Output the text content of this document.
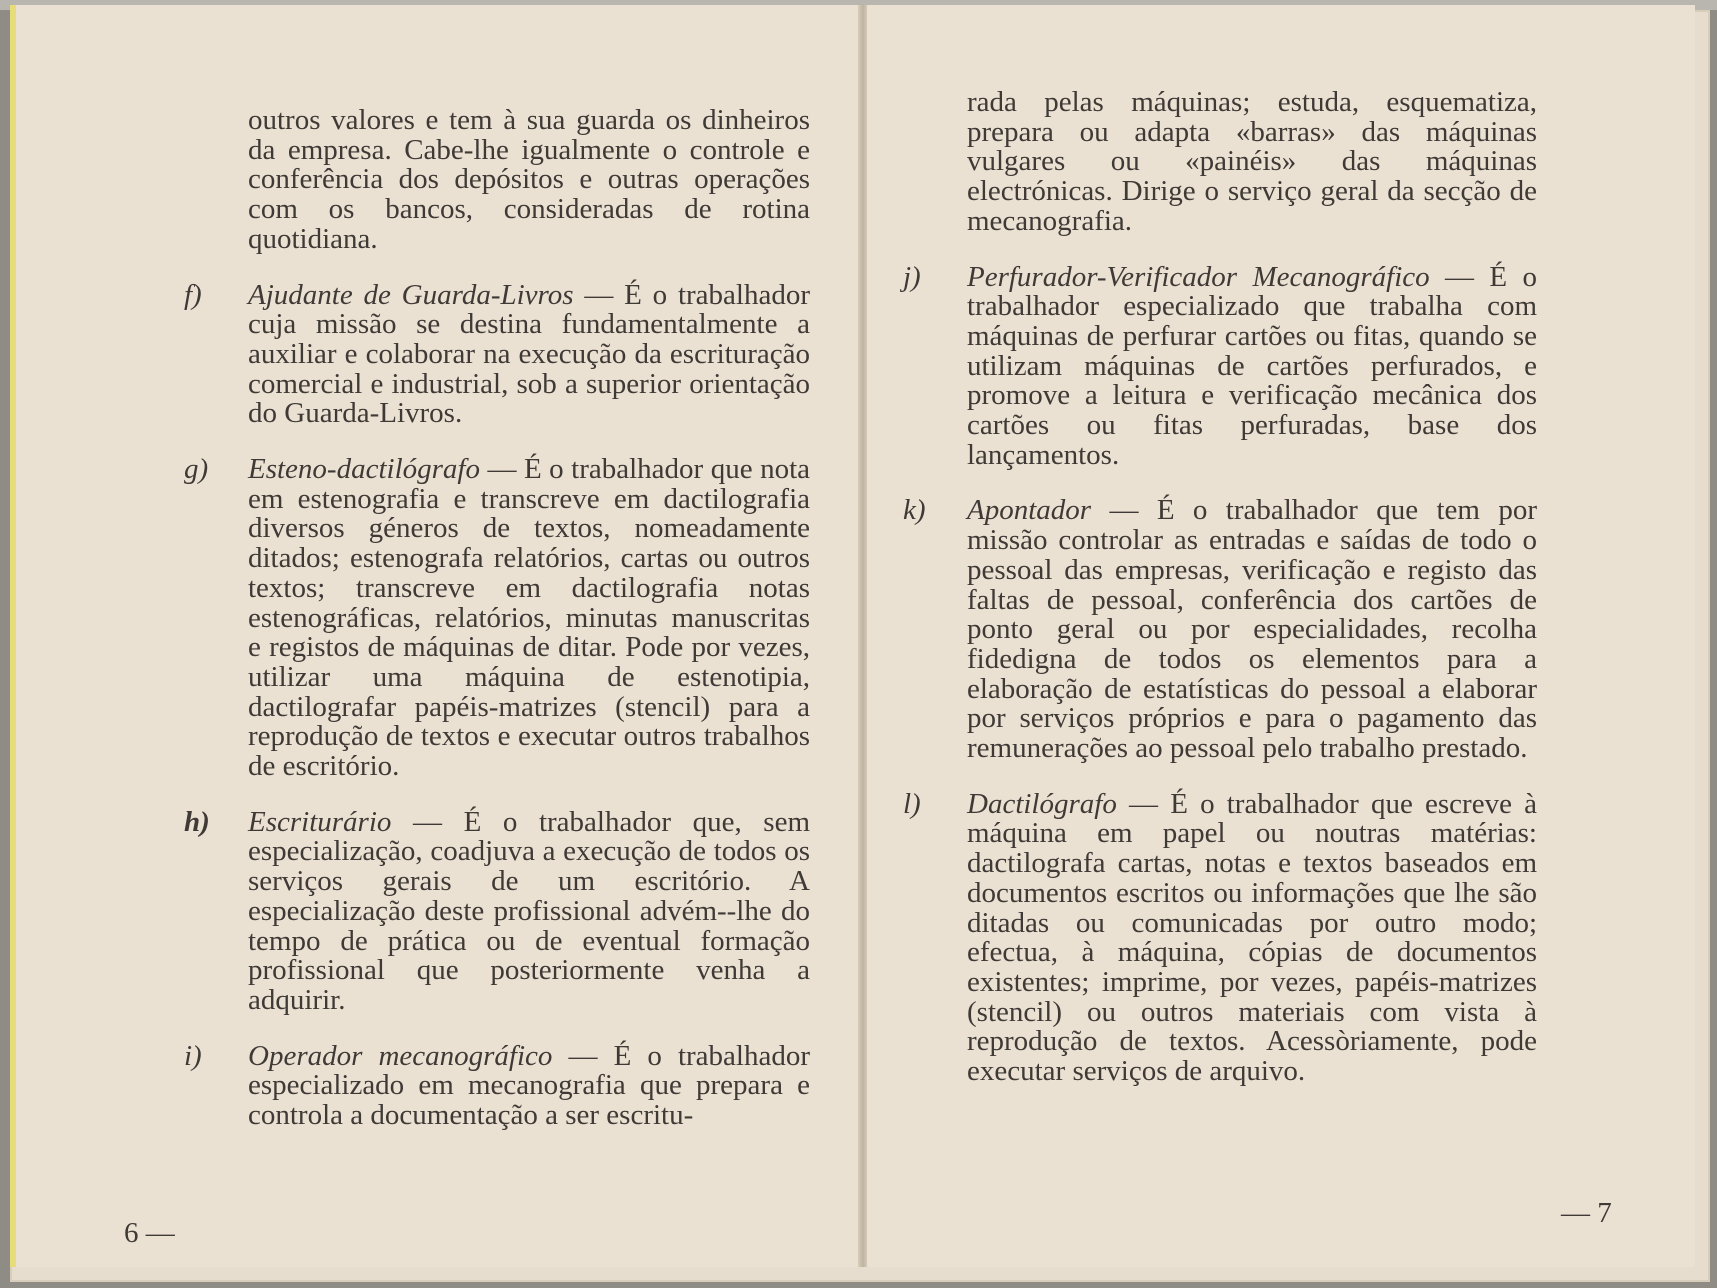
outros valores e tem à sua guarda os dinheiros da empresa. Cabe-lhe igualmente o controle e conferência dos depósitos e outras operações com os bancos, consideradas de rotina quotidiana.

f)	Ajudante de Guarda-Livros — É o trabalhador cuja missão se destina fundamentalmente a auxiliar e colaborar na execução da escrituração comercial e industrial, sob a superior orientação do Guarda-Livros.

g)	Esteno-dactilógrafo — É o trabalhador que nota em estenografia e transcreve em dactilografia diversos géneros de textos, nomeadamente ditados; estenografa relatórios, cartas ou outros textos; transcreve em dactilografia notas estenográficas, relatórios, minutas manuscritas e registos de máquinas de ditar. Pode por vezes, utilizar uma máquina de estenotipia, dactilografar papéis-matrizes (stencil) para a reprodução de textos e executar outros trabalhos de escritório.

h)	Escriturário — É o trabalhador que, sem especialização, coadjuva a execução de todos os serviços gerais de um escritório. A especialização deste profissional advém--lhe do tempo de prática ou de eventual formação profissional que posteriormente venha a adquirir.

i)	Operador mecanográfico — É o trabalhador especializado em mecanografia que prepara e controla a documentação a ser escritu-

6 —

rada pelas máquinas; estuda, esquematiza, prepara ou adapta «barras» das máquinas vulgares ou «painéis» das máquinas electrónicas. Dirige o serviço geral da secção de mecanografia.

j)	Perfurador-Verificador Mecanográfico — É o trabalhador especializado que trabalha com máquinas de perfurar cartões ou fitas, quando se utilizam máquinas de cartões perfurados, e promove a leitura e verificação mecânica dos cartões ou fitas perfuradas, base dos lançamentos.

k)	Apontador — É o trabalhador que tem por missão controlar as entradas e saídas de todo o pessoal das empresas, verificação e registo das faltas de pessoal, conferência dos cartões de ponto geral ou por especialidades, recolha fidedigna de todos os elementos para a elaboração de estatísticas do pessoal a elaborar por serviços próprios e para o pagamento das remunerações ao pessoal pelo trabalho prestado.

l)	Dactilógrafo — É o trabalhador que escreve à máquina em papel ou noutras matérias: dactilografa cartas, notas e textos baseados em documentos escritos ou informações que lhe são ditadas ou comunicadas por outro modo; efectua, à máquina, cópias de documentos existentes; imprime, por vezes, papéis-matrizes (stencil) ou outros materiais com vista à reprodução de textos. Acessòriamente, pode executar serviços de arquivo.

— 7
